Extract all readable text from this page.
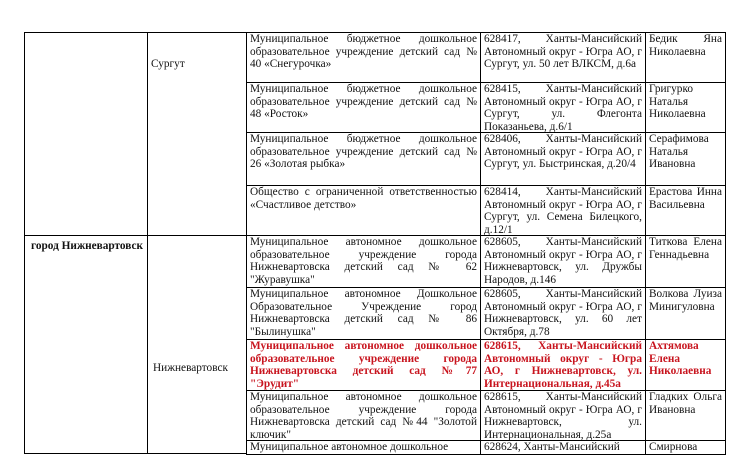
Сургут
город Нижневартовск
Нижневартовск
Муниципальное бюджетное дошкольное образовательное учреждение детский сад № 40 «Снегурочка»
628417, Ханты-Мансийский Автономный округ - Югра АО, г Сургут, ул. 50 лет ВЛКСМ, д.6а
Бедик Яна Николаевна
Муниципальное бюджетное дошкольное образовательное учреждение детский сад № 48 «Росток»
628415, Ханты-Мансийский Автономный округ - Югра АО, г Сургут, ул. Флегонта Показаньева, д.6/1
Григурко Наталья Николаевна
Муниципальное бюджетное дошкольное образовательное учреждение детский сад № 26 «Золотая рыбка»
628406, Ханты-Мансийский Автономный округ - Югра АО, г Сургут, ул. Быстринская, д.20/4
Серафимова Наталья Ивановна
Общество с ограниченной ответственностью «Счастливое детство»
628414, Ханты-Мансийский Автономный округ - Югра АО, г Сургут, ул. Семена Билецкого, д.12/1
Ерастова Инна Васильевна
Муниципальное автономное дошкольное образовательное учреждение города Нижневартовска детский сад № 62 "Журавушка"
628605, Ханты-Мансийский Автономный округ - Югра АО, г Нижневартовск, ул. Дружбы Народов, д.146
Титкова Елена Геннадьевна
Муниципальное автономное Дошкольное Образовательное Учреждение город Нижневартовска детский сад № 86 "Былинушка"
628605, Ханты-Мансийский Автономный округ - Югра АО, г Нижневартовск, ул. 60 лет Октября, д.78
Волкова Луиза Минигуловна
Муниципальное автономное дошкольное образовательное учреждение города Нижневартовска детский сад №77 "Эрудит"
628615, Ханты-Мансийский Автономный округ - Югра АО, г Нижневартовск, ул. Интернациональная, д.45а
Ахтямова Елена Николаевна
Муниципальное автономное дошкольное образовательное учреждение города Нижневартовска детский сад №44 "Золотой ключик"
628615, Ханты-Мансийский Автономный округ - Югра АО, г Нижневартовск, ул. Интернациональная, д.25а
Гладких Ольга Ивановна
Муниципальное автономное дошкольное	628624, Ханты-Мансийский	Смирнова
